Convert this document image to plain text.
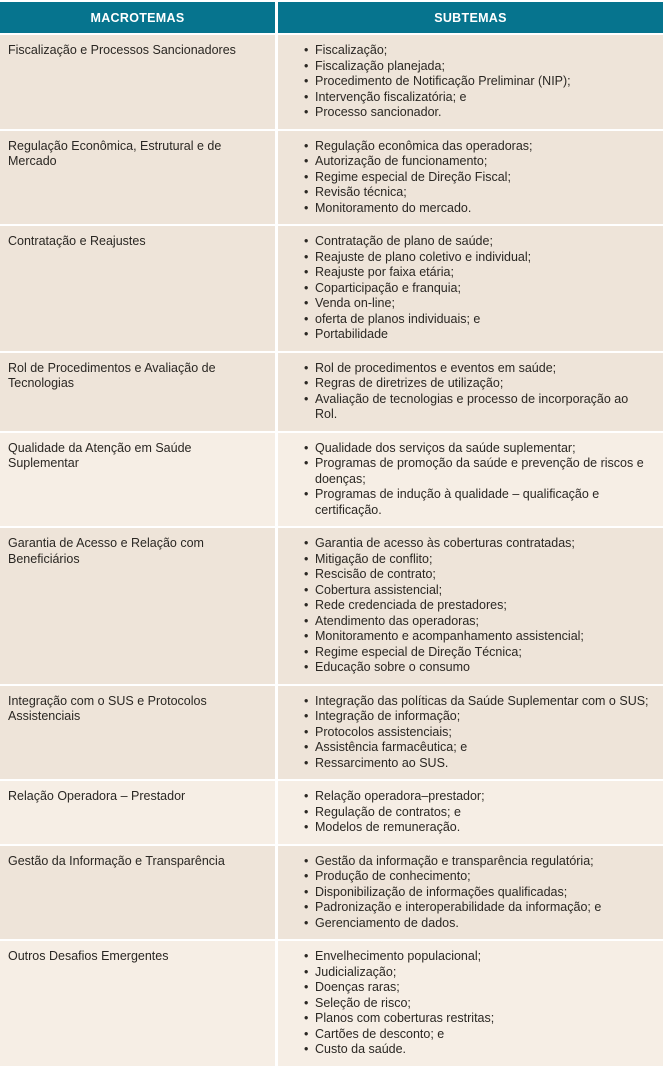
MACROTEMAS	SUBTEMAS
Fiscalização e Processos Sancionadores	• Fiscalização;
• Fiscalização planejada;
• Procedimento de Notificação Preliminar (NIP);
• Intervenção fiscalizatória; e
• Processo sancionador.
Regulação Econômica, Estrutural e de Mercado
• Regulação econômica das operadoras;
• Autorização de funcionamento;
• Regime especial de Direção Fiscal;
• Revisão técnica;
• Monitoramento do mercado.
Contratação e Reajustes	• Contratação de plano de saúde;
• Reajuste de plano coletivo e individual;
• Reajuste por faixa etária;
• Coparticipação e franquia;
• Venda on-line;
• oferta de planos individuais; e
• Portabilidade
Rol de Procedimentos e Avaliação de Tecnologias
• Rol de procedimentos e eventos em saúde;
• Regras de diretrizes de utilização;
• Avaliação de tecnologias e processo de incorporação ao Rol.
Qualidade da Atenção em Saúde Suplementar
• Qualidade dos serviços da saúde suplementar;
• Programas de promoção da saúde e prevenção de riscos e doenças;
• Programas de indução à qualidade – qualificação e certificação.
Garantia de Acesso e Relação com Beneficiários
• Garantia de acesso às coberturas contratadas;
• Mitigação de conflito;
• Rescisão de contrato;
• Cobertura assistencial;
• Rede credenciada de prestadores;
• Atendimento das operadoras;
• Monitoramento e acompanhamento assistencial;
• Regime especial de Direção Técnica;
• Educação sobre o consumo
Integração com o SUS e Protocolos Assistenciais
• Integração das políticas da Saúde Suplementar com o SUS;
• Integração de informação;
• Protocolos assistenciais;
• Assistência farmacêutica; e
• Ressarcimento ao SUS.
Relação Operadora – Prestador	• Relação operadora–prestador;
• Regulação de contratos; e
• Modelos de remuneração.
Gestão da Informação e Transparência	• Gestão da informação e transparência regulatória;
• Produção de conhecimento;
• Disponibilização de informações qualificadas;
• Padronização e interoperabilidade da informação; e
• Gerenciamento de dados.
Outros Desafios Emergentes	• Envelhecimento populacional;
• Judicialização;
• Doenças raras;
• Seleção de risco;
• Planos com coberturas restritas;
• Cartões de desconto; e
• Custo da saúde.
